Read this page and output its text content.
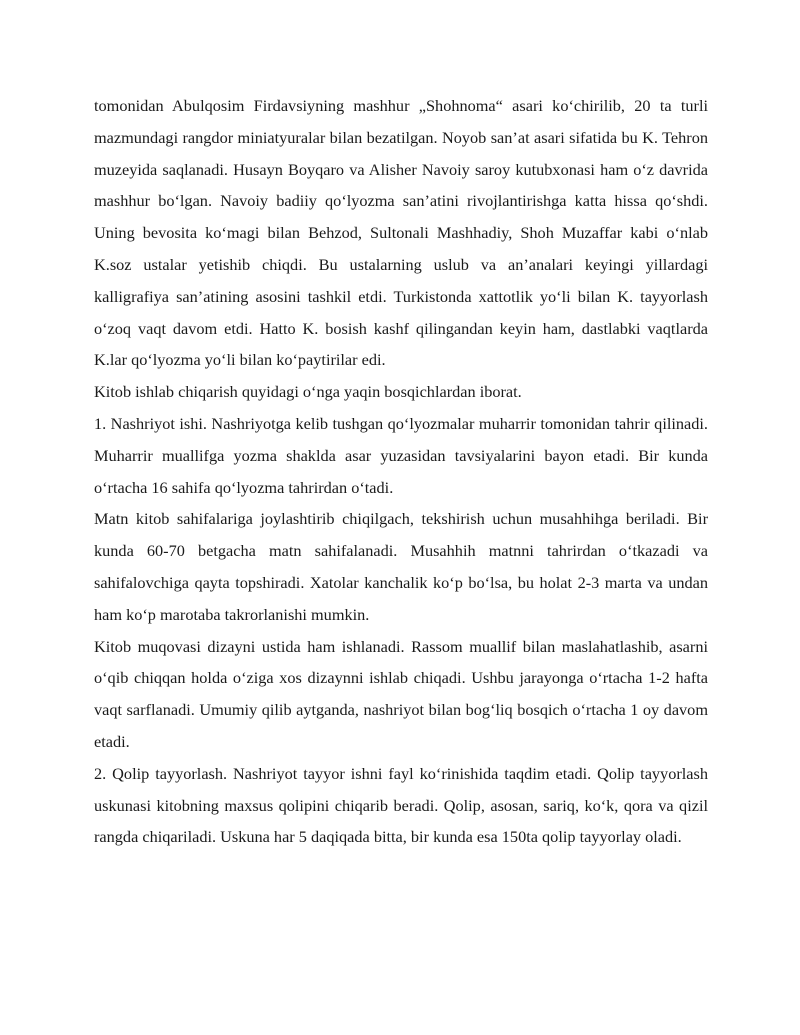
tomonidan Abulqosim Firdavsiyning mashhur „Shohnoma“ asari ko‘chirilib, 20 ta turli mazmundagi rangdor miniatyuralar bilan bezatilgan. Noyob san’at asari sifatida bu K. Tehron muzeyida saqlanadi. Husayn Boyqaro va Alisher Navoiy saroy kutubxonasi ham o‘z davrida mashhur bo‘lgan. Navoiy badiiy qo‘lyozma san’atini rivojlantirishga katta hissa qo‘shdi. Uning bevosita ko‘magi bilan Behzod, Sultonali Mashhadiy, Shoh Muzaffar kabi o‘nlab K.soz ustalar yetishib chiqdi. Bu ustalarning uslub va an’analari keyingi yillardagi kalligrafiya san’atining asosini tashkil etdi. Turkistonda xattotlik yo‘li bilan K. tayyorlash o‘zoq vaqt davom etdi. Hatto K. bosish kashf qilingandan keyin ham, dastlabki vaqtlarda K.lar qo‘lyozma yo‘li bilan ko‘paytirilar edi.

Kitob ishlab chiqarish quyidagi o‘nga yaqin bosqichlardan iborat.

1. Nashriyot ishi. Nashriyotga kelib tushgan qo‘lyozmalar muharrir tomonidan tahrir qilinadi. Muharrir muallifga yozma shaklda asar yuzasidan tavsiyalarini bayon etadi. Bir kunda o‘rtacha 16 sahifa qo‘lyozma tahrirdan o‘tadi.

Matn kitob sahifalariga joylashtirib chiqilgach, tekshirish uchun musahhihga beriladi. Bir kunda 60-70 betgacha matn sahifalanadi. Musahhih matnni tahrirdan o‘tkazadi va sahifalovchiga qayta topshiradi. Xatolar kanchalik ko‘p bo‘lsa, bu holat 2-3 marta va undan ham ko‘p marotaba takrorlanishi mumkin.

Kitob muqovasi dizayni ustida ham ishlanadi. Rassom muallif bilan maslahatlashib, asarni o‘qib chiqqan holda o‘ziga xos dizaynni ishlab chiqadi. Ushbu jarayonga o‘rtacha 1-2 hafta vaqt sarflanadi. Umumiy qilib aytganda, nashriyot bilan bog‘liq bosqich o‘rtacha 1 oy davom etadi.

2. Qolip tayyorlash. Nashriyot tayyor ishni fayl ko‘rinishida taqdim etadi. Qolip tayyorlash uskunasi kitobning maxsus qolipini chiqarib beradi. Qolip, asosan, sariq, ko‘k, qora va qizil rangda chiqariladi. Uskuna har 5 daqiqada bitta, bir kunda esa 150ta qolip tayyorlay oladi.
